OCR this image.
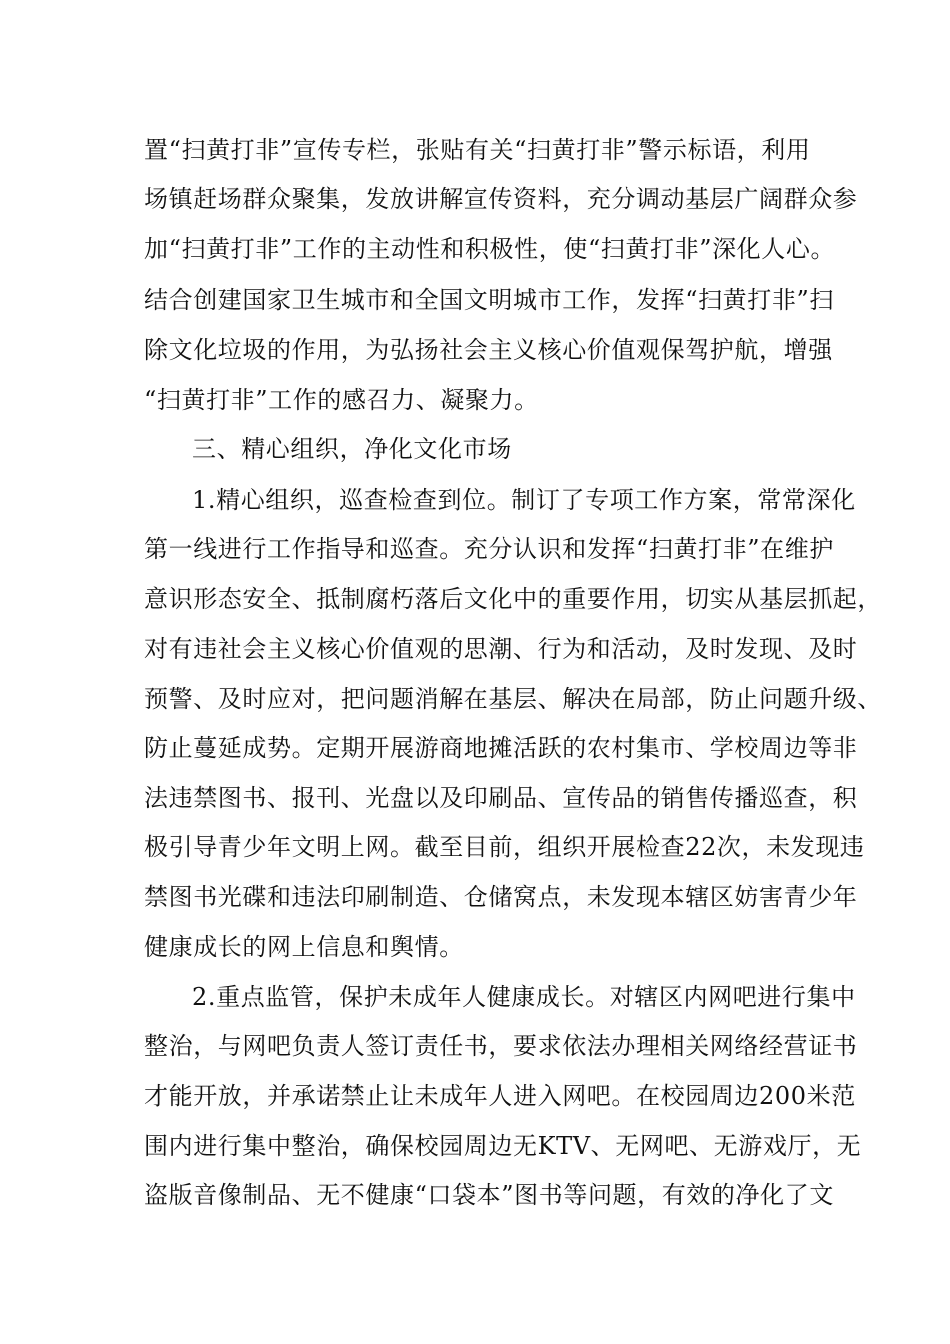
置“扫黄打非”宣传专栏，张贴有关“扫黄打非”警示标语，利用
场镇赶场群众聚集，发放讲解宣传资料，充分调动基层广阔群众参
加“扫黄打非”工作的主动性和积极性，使“扫黄打非”深化人心。
结合创建国家卫生城市和全国文明城市工作，发挥“扫黄打非”扫
除文化垃圾的作用，为弘扬社会主义核心价值观保驾护航，增强
“扫黄打非”工作的感召力、凝聚力。
三、精心组织，净化文化市场
1.精心组织，巡查检查到位。制订了专项工作方案，常常深化
第一线进行工作指导和巡查。充分认识和发挥“扫黄打非”在维护
意识形态安全、抵制腐朽落后文化中的重要作用，切实从基层抓起，
对有违社会主义核心价值观的思潮、行为和活动，及时发现、及时
预警、及时应对，把问题消解在基层、解决在局部，防止问题升级、
防止蔓延成势。定期开展游商地摊活跃的农村集市、学校周边等非
法违禁图书、报刊、光盘以及印刷品、宣传品的销售传播巡查，积
极引导青少年文明上网。截至目前，组织开展检查22次，未发现违
禁图书光碟和违法印刷制造、仓储窝点，未发现本辖区妨害青少年
健康成长的网上信息和舆情。
2.重点监管，保护未成年人健康成长。对辖区内网吧进行集中
整治，与网吧负责人签订责任书，要求依法办理相关网络经营证书
才能开放，并承诺禁止让未成年人进入网吧。在校园周边200米范
围内进行集中整治，确保校园周边无KTV、无网吧、无游戏厅，无
盗版音像制品、无不健康“口袋本”图书等问题，有效的净化了文
